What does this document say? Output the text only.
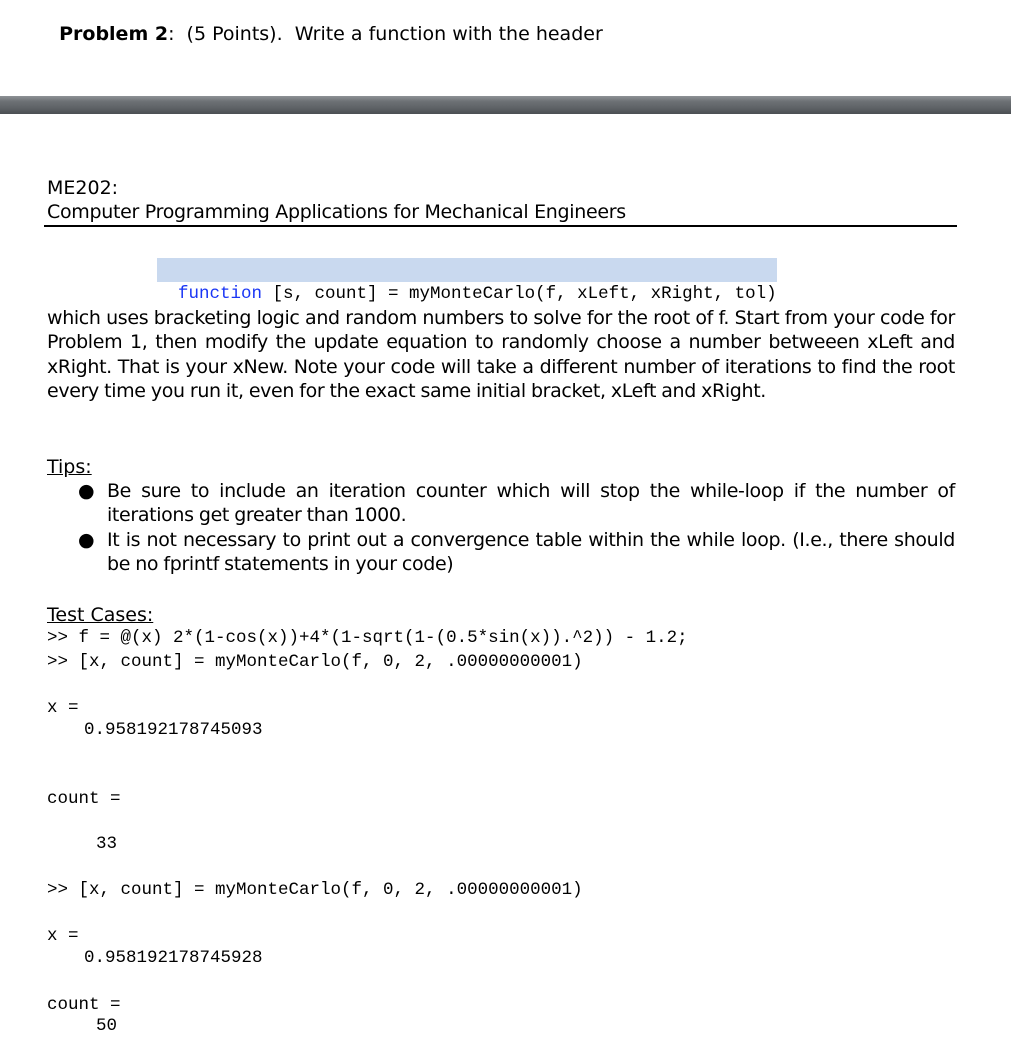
Problem 2:  (5 Points).  Write a function with the header

ME202:
Computer Programming Applications for Mechanical Engineers

function [s, count] = myMonteCarlo(f, xLeft, xRight, tol)

which uses bracketing logic and random numbers to solve for the root of f. Start from your code for Problem 1, then modify the update equation to randomly choose a number betweeen xLeft and xRight. That is your xNew. Note your code will take a different number of iterations to find the root every time you run it, even for the exact same initial bracket, xLeft and xRight.
Tips:
● Be sure to include an iteration counter which will stop the while-loop if the number of iterations get greater than 1000.
● It is not necessary to print out a convergence table within the while loop. (I.e., there should be no fprintf statements in your code)
Test Cases:
>> f = @(x) 2*(1-cos(x))+4*(1-sqrt(1-(0.5*sin(x)).^2)) - 1.2;
>> [x, count] = myMonteCarlo(f, 0, 2, .00000000001)
x =
0.958192178745093
count =
33
>> [x, count] = myMonteCarlo(f, 0, 2, .00000000001)
x =
0.958192178745928
count =
50
